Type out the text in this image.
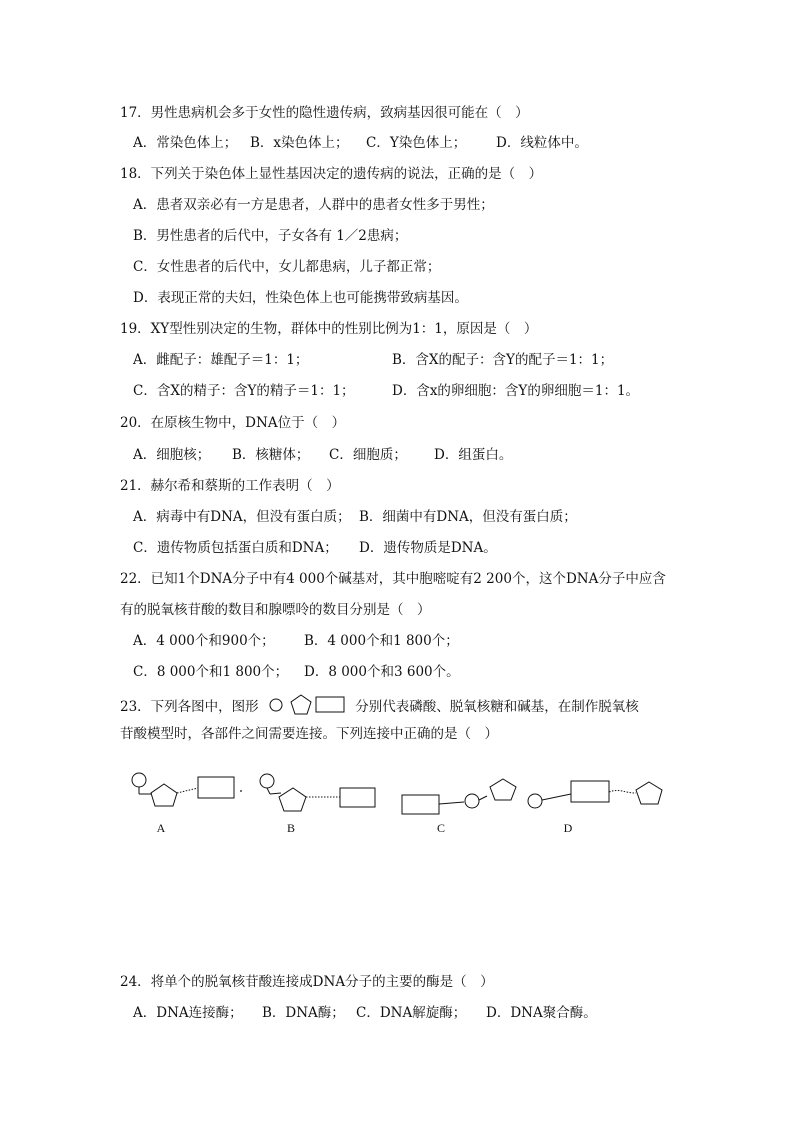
17．男性患病机会多于女性的隐性遗传病，致病基因很可能在（　）
A．常染色体上； B．x染色体上； C．Y染色体上； D．线粒体中。
18．下列关于染色体上显性基因决定的遗传病的说法，正确的是（　）
A．患者双亲必有一方是患者，人群中的患者女性多于男性；
B．男性患者的后代中，子女各有 1／2患病；
C．女性患者的后代中，女儿都患病，儿子都正常；
D．表现正常的夫妇，性染色体上也可能携带致病基因。
19．XY型性别决定的生物，群体中的性别比例为1：1，原因是（　）
A．雌配子：雄配子＝1：1；	B．含X的配子：含Y的配子＝1：1；
C．含X的精子：含Y的精子＝1：1；	D．含x的卵细胞：含Y的卵细胞＝1：1。
20．在原核生物中，DNA位于（　）
A．细胞核； B．核糖体； C．细胞质； D．组蛋白。
21．赫尔希和蔡斯的工作表明（　）
A．病毒中有DNA，但没有蛋白质； B．细菌中有DNA，但没有蛋白质；
C．遗传物质包括蛋白质和DNA； D．遗传物质是DNA。
22．已知1个DNA分子中有4 000个碱基对，其中胞嘧啶有2 200个，这个DNA分子中应含
有的脱氧核苷酸的数目和腺嘌呤的数目分别是（　）
A．4 000个和900个； B．4 000个和1 800个；
C．8 000个和1 800个； D．8 000个和3 600个。
23．下列各图中，图形	分别代表磷酸、脱氧核糖和碱基，在制作脱氧核
苷酸模型时，各部件之间需要连接。下列连接中正确的是（　）
A	B	C	D
24．将单个的脱氧核苷酸连接成DNA分子的主要的酶是（　）
A．DNA连接酶； B．DNA酶； C．DNA解旋酶； D．DNA聚合酶。
